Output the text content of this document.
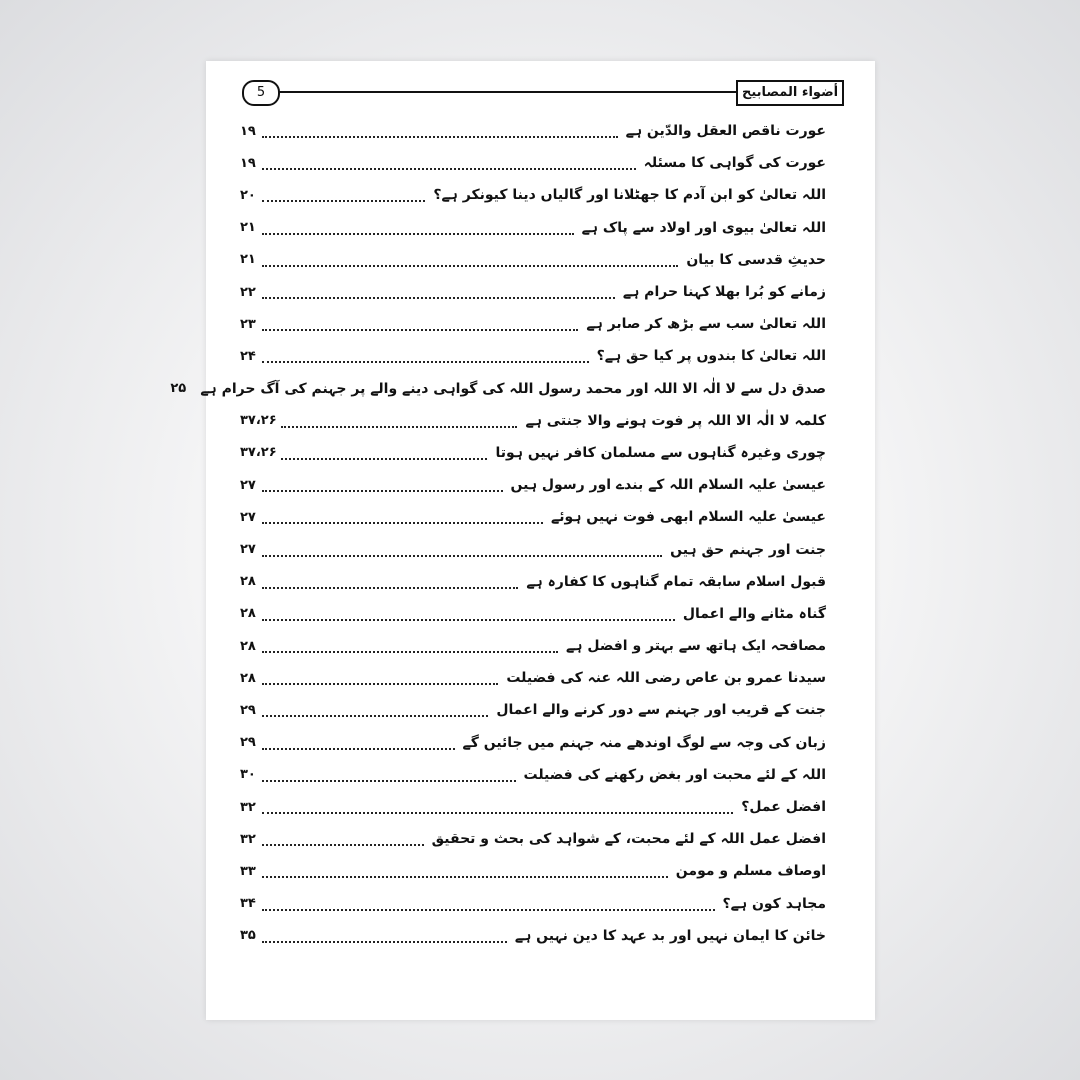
أضواء المصابيح
5
عورت ناقص العقل والدّین ہے
۱۹
عورت کی گواہی کا مسئلہ
۱۹
اللہ تعالیٰ کو ابن آدم کا جھٹلانا اور گالیاں دینا کیونکر ہے؟
۲۰
اللہ تعالیٰ بیوی اور اولاد سے پاک ہے
۲۱
حدیثِ قدسی کا بیان
۲۱
زمانے کو بُرا بھلا کہنا حرام ہے
۲۲
اللہ تعالیٰ سب سے بڑھ کر صابر ہے
۲۳
اللہ تعالیٰ کا بندوں پر کیا حق ہے؟
۲۴
صدق دل سے لا الٰہ الا اللہ اور محمد رسول اللہ کی گواہی دینے والے پر جہنم کی آگ حرام ہے
۲۵
کلمہ لا الٰہ الا اللہ پر فوت ہونے والا جنتی ہے
۳۷،۲۶
چوری وغیرہ گناہوں سے مسلمان کافر نہیں ہوتا
۳۷،۲۶
عیسیٰ علیہ السلام اللہ کے بندے اور رسول ہیں
۲۷
عیسیٰ علیہ السلام ابھی فوت نہیں ہوئے
۲۷
جنت اور جہنم حق ہیں
۲۷
قبول اسلام سابقہ تمام گناہوں کا کفارہ ہے
۲۸
گناہ مٹانے والے اعمال
۲۸
مصافحہ ایک ہاتھ سے بہتر و افضل ہے
۲۸
سیدنا عمرو بن عاص رضی اللہ عنہ کی فضیلت
۲۸
جنت کے قریب اور جہنم سے دور کرنے والے اعمال
۲۹
زبان کی وجہ سے لوگ اوندھے منہ جہنم میں جائیں گے
۲۹
اللہ کے لئے محبت اور بغض رکھنے کی فضیلت
۳۰
افضل عمل؟
۳۲
افضل عمل اللہ کے لئے محبت، کے شواہد کی بحث و تحقیق
۳۲
اوصاف مسلم و مومن
۳۳
مجاہد کون ہے؟
۳۴
خائن کا ایمان نہیں اور بد عہد کا دین نہیں ہے
۳۵
